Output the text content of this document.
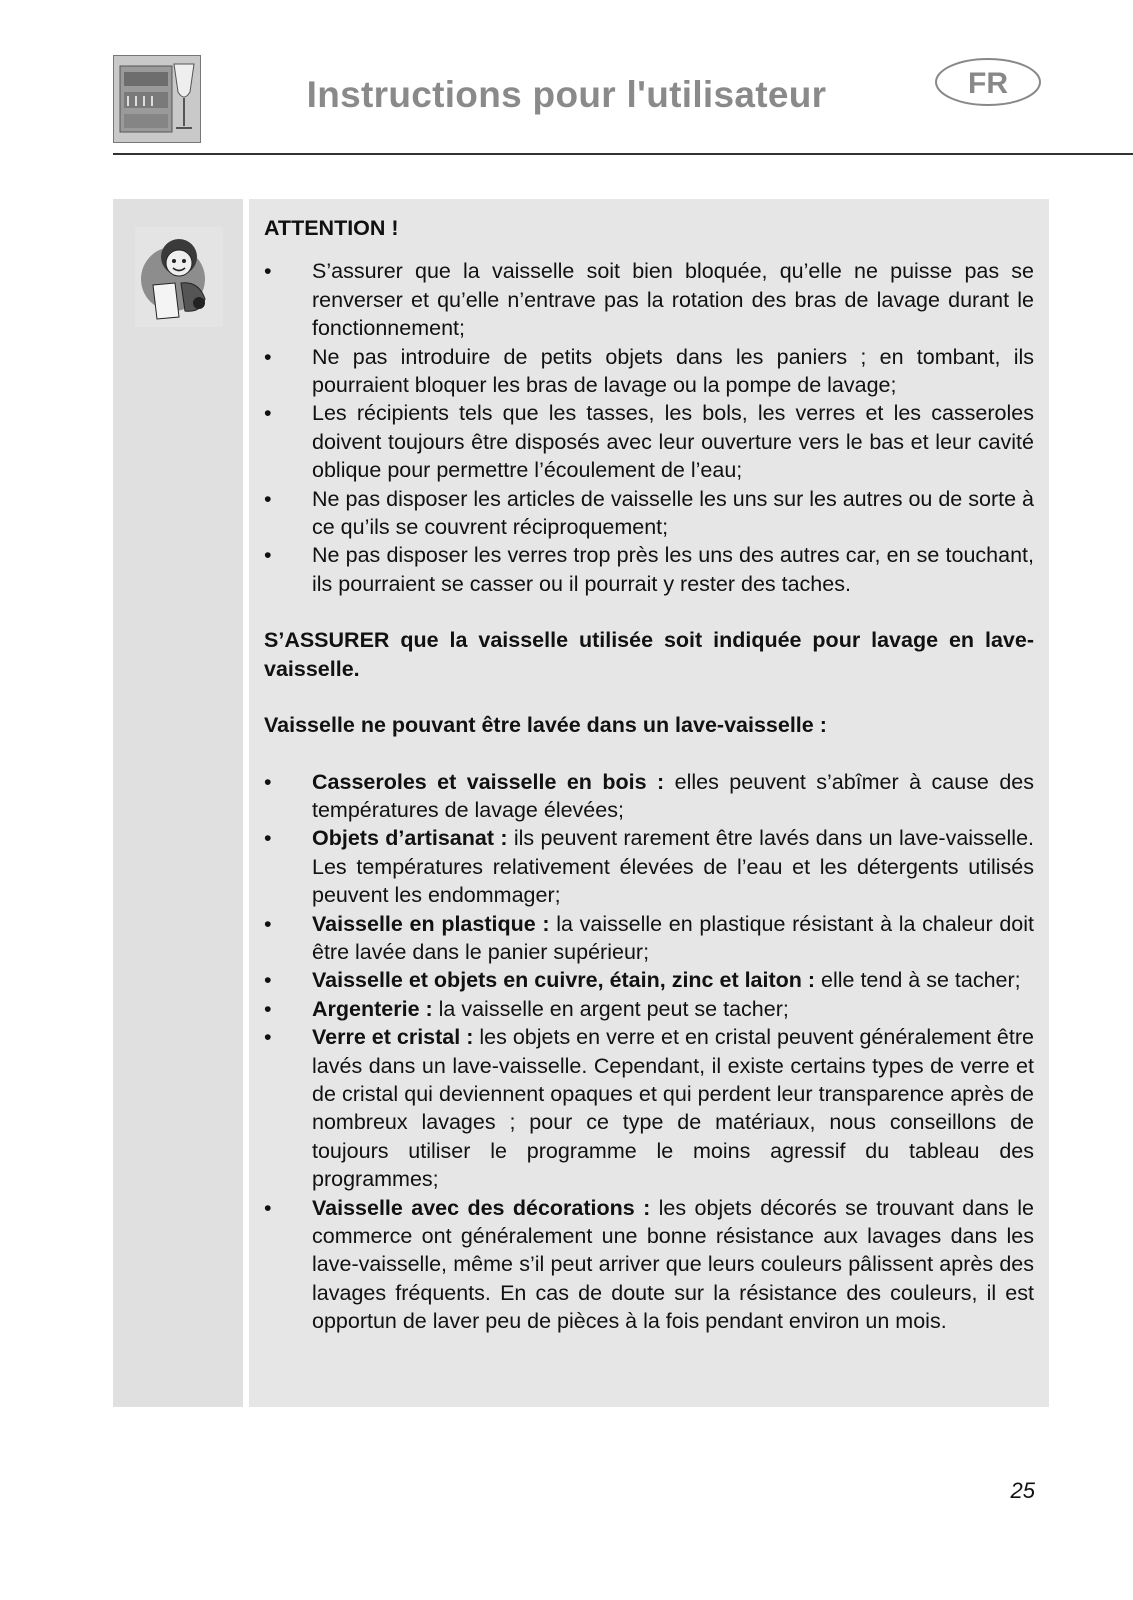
Instructions pour l'utilisateur	FR

ATTENTION !

• S’assurer que la vaisselle soit bien bloquée, qu’elle ne puisse pas se renverser et qu’elle n’entrave pas la rotation des bras de lavage durant le fonctionnement;
• Ne pas introduire de petits objets dans les paniers ; en tombant, ils pourraient bloquer les bras de lavage ou la pompe de lavage;
• Les récipients tels que les tasses, les bols, les verres et les casseroles doivent toujours être disposés avec leur ouverture vers le bas et leur cavité oblique pour permettre l’écoulement de l’eau;
• Ne pas disposer les articles de vaisselle les uns sur les autres ou de sorte à ce qu’ils se couvrent réciproquement;
• Ne pas disposer les verres trop près les uns des autres car, en se touchant, ils pourraient se casser ou il pourrait y rester des taches.

S’ASSURER que la vaisselle utilisée soit indiquée pour lavage en lave-vaisselle.

Vaisselle ne pouvant être lavée dans un lave-vaisselle :

• Casseroles et vaisselle en bois : elles peuvent s’abîmer à cause des températures de lavage élevées;
• Objets d’artisanat : ils peuvent rarement être lavés dans un lave-vaisselle. Les températures relativement élevées de l’eau et les détergents utilisés peuvent les endommager;
• Vaisselle en plastique : la vaisselle en plastique résistant à la chaleur doit être lavée dans le panier supérieur;
• Vaisselle et objets en cuivre, étain, zinc et laiton : elle tend à se tacher;
• Argenterie : la vaisselle en argent peut se tacher;
• Verre et cristal : les objets en verre et en cristal peuvent généralement être lavés dans un lave-vaisselle. Cependant, il existe certains types de verre et de cristal qui deviennent opaques et qui perdent leur transparence après de nombreux lavages ; pour ce type de matériaux, nous conseillons de toujours utiliser le programme le moins agressif du tableau des programmes;
• Vaisselle avec des décorations : les objets décorés se trouvant dans le commerce ont généralement une bonne résistance aux lavages dans les lave-vaisselle, même s’il peut arriver que leurs couleurs pâlissent après des lavages fréquents. En cas de doute sur la résistance des couleurs, il est opportun de laver peu de pièces à la fois pendant environ un mois.
25
